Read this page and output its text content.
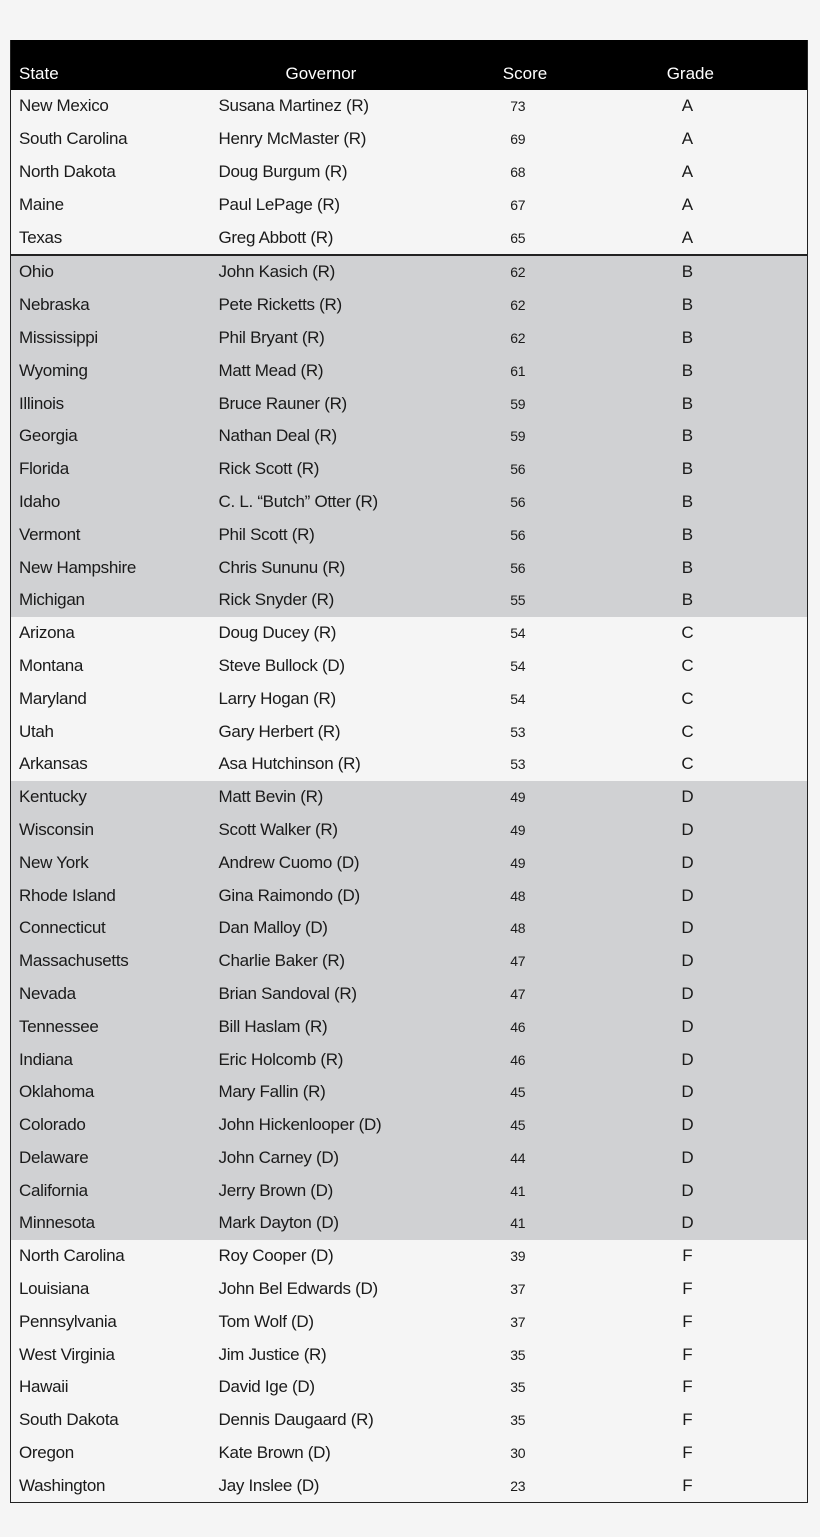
State	Governor	Score	Grade
New Mexico	Susana Martinez (R)	73	A
South Carolina	Henry McMaster (R)	69	A
North Dakota	Doug Burgum (R)	68	A
Maine	Paul LePage (R)	67	A
Texas	Greg Abbott (R)	65	A
Ohio	John Kasich (R)	62	B
Nebraska	Pete Ricketts (R)	62	B
Mississippi	Phil Bryant (R)	62	B
Wyoming	Matt Mead (R)	61	B
Illinois	Bruce Rauner (R)	59	B
Georgia	Nathan Deal (R)	59	B
Florida	Rick Scott (R)	56	B
Idaho	C. L. “Butch” Otter (R)	56	B
Vermont	Phil Scott (R)	56	B
New Hampshire	Chris Sununu (R)	56	B
Michigan	Rick Snyder (R)	55	B
Arizona	Doug Ducey (R)	54	C
Montana	Steve Bullock (D)	54	C
Maryland	Larry Hogan (R)	54	C
Utah	Gary Herbert (R)	53	C
Arkansas	Asa Hutchinson (R)	53	C
Kentucky	Matt Bevin (R)	49	D
Wisconsin	Scott Walker (R)	49	D
New York	Andrew Cuomo (D)	49	D
Rhode Island	Gina Raimondo (D)	48	D
Connecticut	Dan Malloy (D)	48	D
Massachusetts	Charlie Baker (R)	47	D
Nevada	Brian Sandoval (R)	47	D
Tennessee	Bill Haslam (R)	46	D
Indiana	Eric Holcomb (R)	46	D
Oklahoma	Mary Fallin (R)	45	D
Colorado	John Hickenlooper (D)	45	D
Delaware	John Carney (D)	44	D
California	Jerry Brown (D)	41	D
Minnesota	Mark Dayton (D)	41	D
North Carolina	Roy Cooper (D)	39	F
Louisiana	John Bel Edwards (D)	37	F
Pennsylvania	Tom Wolf (D)	37	F
West Virginia	Jim Justice (R)	35	F
Hawaii	David Ige (D)	35	F
South Dakota	Dennis Daugaard (R)	35	F
Oregon	Kate Brown (D)	30	F
Washington	Jay Inslee (D)	23	F
